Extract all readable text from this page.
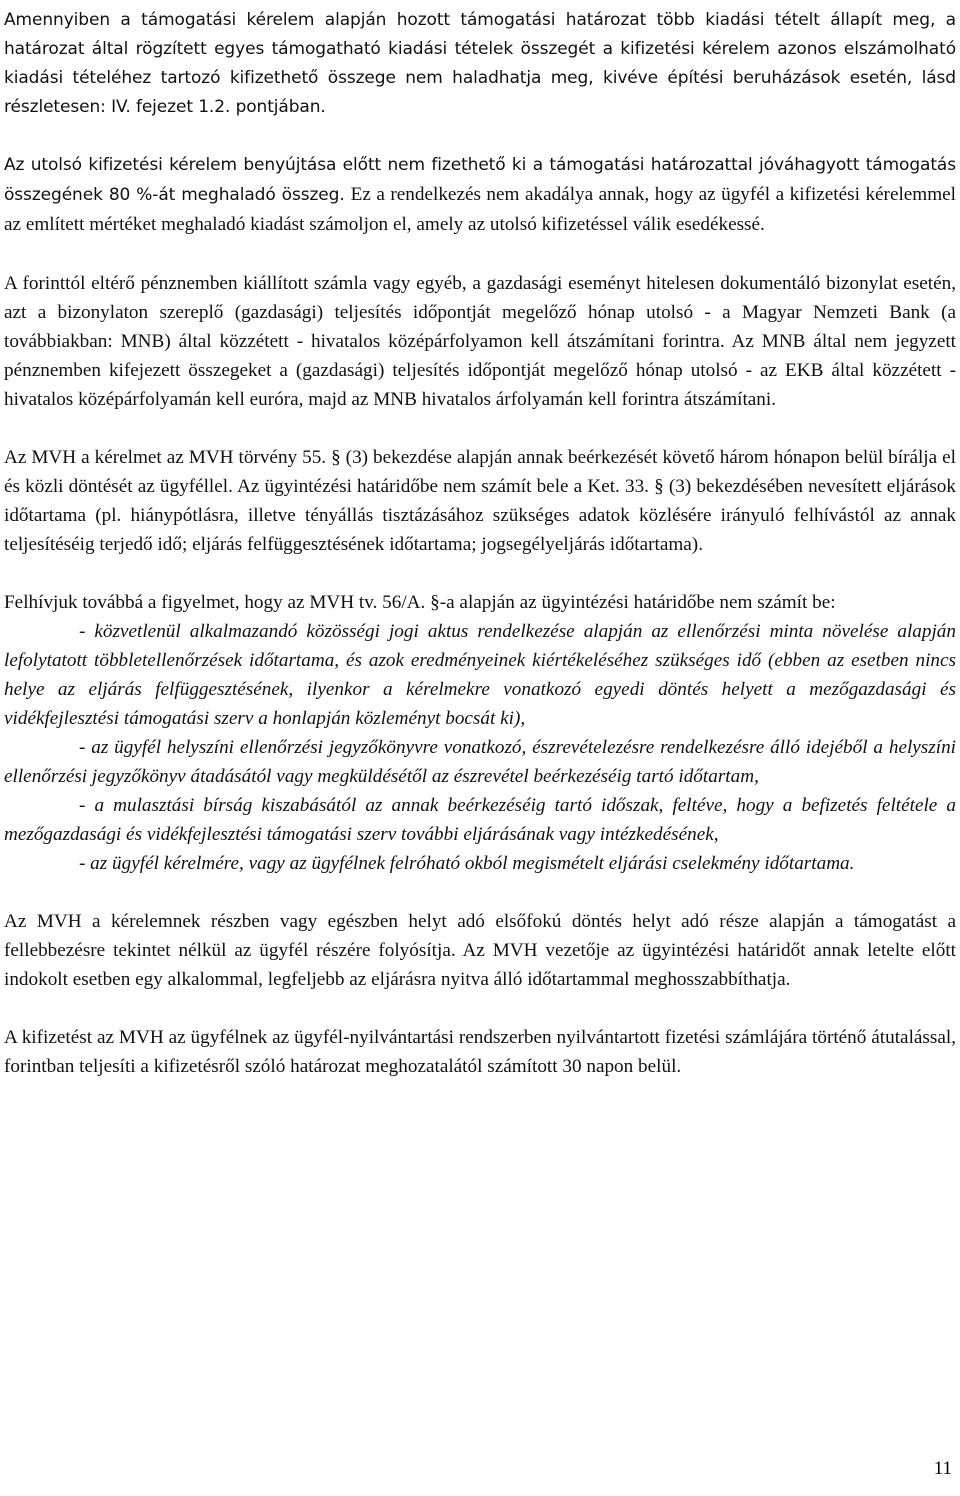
Amennyiben a támogatási kérelem alapján hozott támogatási határozat több kiadási tételt állapít meg, a határozat által rögzített egyes támogatható kiadási tételek összegét a kifizetési kérelem azonos elszámolható kiadási tételéhez tartozó kifizethető összege nem haladhatja meg, kivéve építési beruházások esetén, lásd részletesen: IV. fejezet 1.2. pontjában.

Az utolsó kifizetési kérelem benyújtása előtt nem fizethető ki a támogatási határozattal jóváhagyott támogatás összegének 80 %-át meghaladó összeg. Ez a rendelkezés nem akadálya annak, hogy az ügyfél a kifizetési kérelemmel az említett mértéket meghaladó kiadást számoljon el, amely az utolsó kifizetéssel válik esedékessé.

A forinttól eltérő pénznemben kiállított számla vagy egyéb, a gazdasági eseményt hitelesen dokumentáló bizonylat esetén, azt a bizonylaton szereplő (gazdasági) teljesítés időpontját megelőző hónap utolsó - a Magyar Nemzeti Bank (a továbbiakban: MNB) által közzétett - hivatalos középárfolyamon kell átszámítani forintra. Az MNB által nem jegyzett pénznemben kifejezett összegeket a (gazdasági) teljesítés időpontját megelőző hónap utolsó - az EKB által közzétett - hivatalos középárfolyamán kell euróra, majd az MNB hivatalos árfolyamán kell forintra átszámítani.

Az MVH a kérelmet az MVH törvény 55. § (3) bekezdése alapján annak beérkezését követő három hónapon belül bírálja el és közli döntését az ügyféllel. Az ügyintézési határidőbe nem számít bele a Ket. 33. § (3) bekezdésében nevesített eljárások időtartama (pl. hiánypótlásra, illetve tényállás tisztázásához szükséges adatok közlésére irányuló felhívástól az annak teljesítéséig terjedő idő; eljárás felfüggesztésének időtartama; jogsegélyeljárás időtartama).

Felhívjuk továbbá a figyelmet, hogy az MVH tv. 56/A. §-a alapján az ügyintézési határidőbe nem számít be:

- közvetlenül alkalmazandó közösségi jogi aktus rendelkezése alapján az ellenőrzési minta növelése alapján lefolytatott többletellenőrzések időtartama, és azok eredményeinek kiértékeléséhez szükséges idő (ebben az esetben nincs helye az eljárás felfüggesztésének, ilyenkor a kérelmekre vonatkozó egyedi döntés helyett a mezőgazdasági és vidékfejlesztési támogatási szerv a honlapján közleményt bocsát ki),

- az ügyfél helyszíni ellenőrzési jegyzőkönyvre vonatkozó, észrevételezésre rendelkezésre álló idejéből a helyszíni ellenőrzési jegyzőkönyv átadásától vagy megküldésétől az észrevétel beérkezéséig tartó időtartam,

- a mulasztási bírság kiszabásától az annak beérkezéséig tartó időszak, feltéve, hogy a befizetés feltétele a mezőgazdasági és vidékfejlesztési támogatási szerv további eljárásának vagy intézkedésének,

- az ügyfél kérelmére, vagy az ügyfélnek felróható okból megismételt eljárási cselekmény időtartama.

Az MVH a kérelemnek részben vagy egészben helyt adó elsőfokú döntés helyt adó része alapján a támogatást a fellebbezésre tekintet nélkül az ügyfél részére folyósítja. Az MVH vezetője az ügyintézési határidőt annak letelte előtt indokolt esetben egy alkalommal, legfeljebb az eljárásra nyitva álló időtartammal meghosszabbíthatja.

A kifizetést az MVH az ügyfélnek az ügyfél-nyilvántartási rendszerben nyilvántartott fizetési számlájára történő átutalással, forintban teljesíti a kifizetésről szóló határozat meghozatalától számított 30 napon belül.

11
